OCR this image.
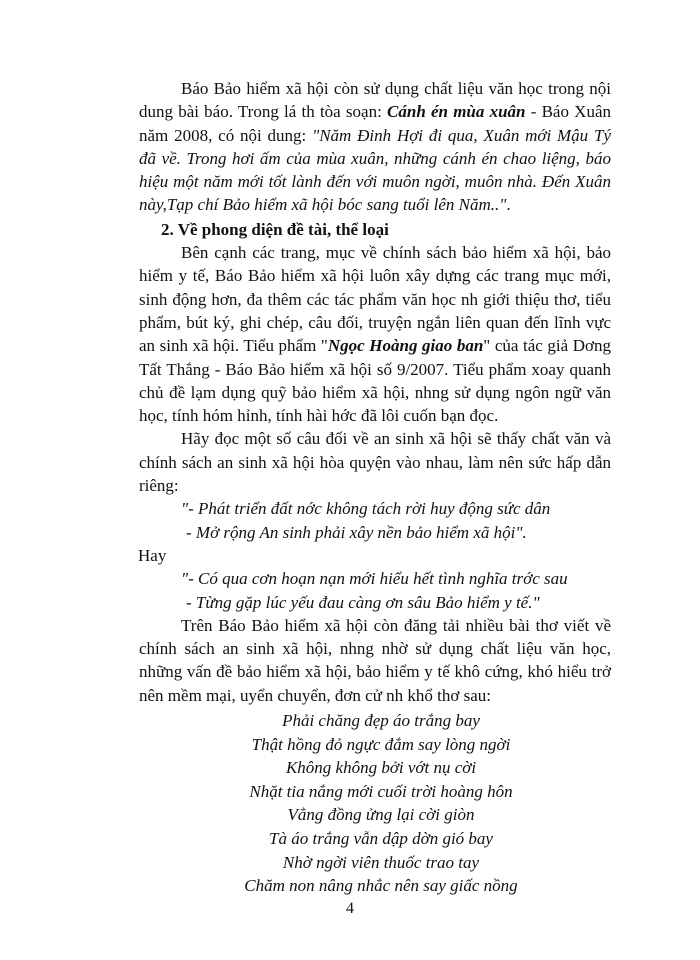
Báo Bảo hiểm xã hội còn sử dụng chất liệu văn học trong nội dung bài báo. Trong lá th tòa soạn: Cánh én mùa xuân - Báo Xuân năm 2008, có nội dung: "Năm Đinh Hợi đi qua, Xuân mới Mậu Tý đã về. Trong hơi ấm của mùa xuân, những cánh én chao liệng, báo hiệu một năm mới tốt lành đến với muôn ngời, muôn nhà. Đến Xuân này,Tạp chí Bảo hiểm xã hội bóc sang tuổi lên Năm..".

2. Về phong diện đề tài, thể loại

Bên cạnh các trang, mục về chính sách bảo hiểm xã hội, bảo hiểm y tế, Báo Bảo hiểm xã hội luôn xây dựng các trang mục mới, sinh động hơn, đa thêm các tác phẩm văn học nh giới thiệu thơ, tiểu phẩm, bút ký, ghi chép, câu đối, truyện ngắn liên quan đến lĩnh vực an sinh xã hội. Tiểu phẩm "Ngọc Hoàng giao ban" của tác giả Dơng Tất Thắng - Báo Bảo hiểm xã hội số 9/2007. Tiểu phẩm xoay quanh chủ đề lạm dụng quỹ bảo hiểm xã hội, nhng sử dụng ngôn ngữ văn học, tính hóm hỉnh, tính hài hớc đã lôi cuốn bạn đọc.

Hãy đọc một số câu đối về an sinh xã hội sẽ thấy chất văn và chính sách an sinh xã hội hòa quyện vào nhau, làm nên sức hấp dẫn riêng:

"- Phát triển đất nớc không tách rời huy động sức dân

- Mở rộng An sinh phải xây nền bảo hiểm xã hội".

Hay

"- Có qua cơn hoạn nạn mới hiểu hết tình nghĩa trớc sau

- Từng gặp lúc yếu đau càng ơn sâu Bảo hiểm y tế."

Trên Báo Bảo hiểm xã hội còn đăng tải nhiều bài thơ viết về chính sách an sinh xã hội, nhng nhờ sử dụng chất liệu văn học, những vấn đề bảo hiểm xã hội, bảo hiểm y tế khô cứng, khó hiểu trở nên mềm mại, uyển chuyển, đơn cử nh khổ thơ sau:

Phải chăng đẹp áo trắng bay
Thật hồng đỏ ngực đắm say lòng ngời
Không không bởi vớt nụ cời
Nhặt tia nắng mới cuối trời hoàng hôn
Vẳng đồng ửng lại cời giòn
Tà áo trắng vẫn dập dờn gió bay
Nhờ ngời viên thuốc trao tay
Chăm non nâng nhắc nên say giấc nồng
4
